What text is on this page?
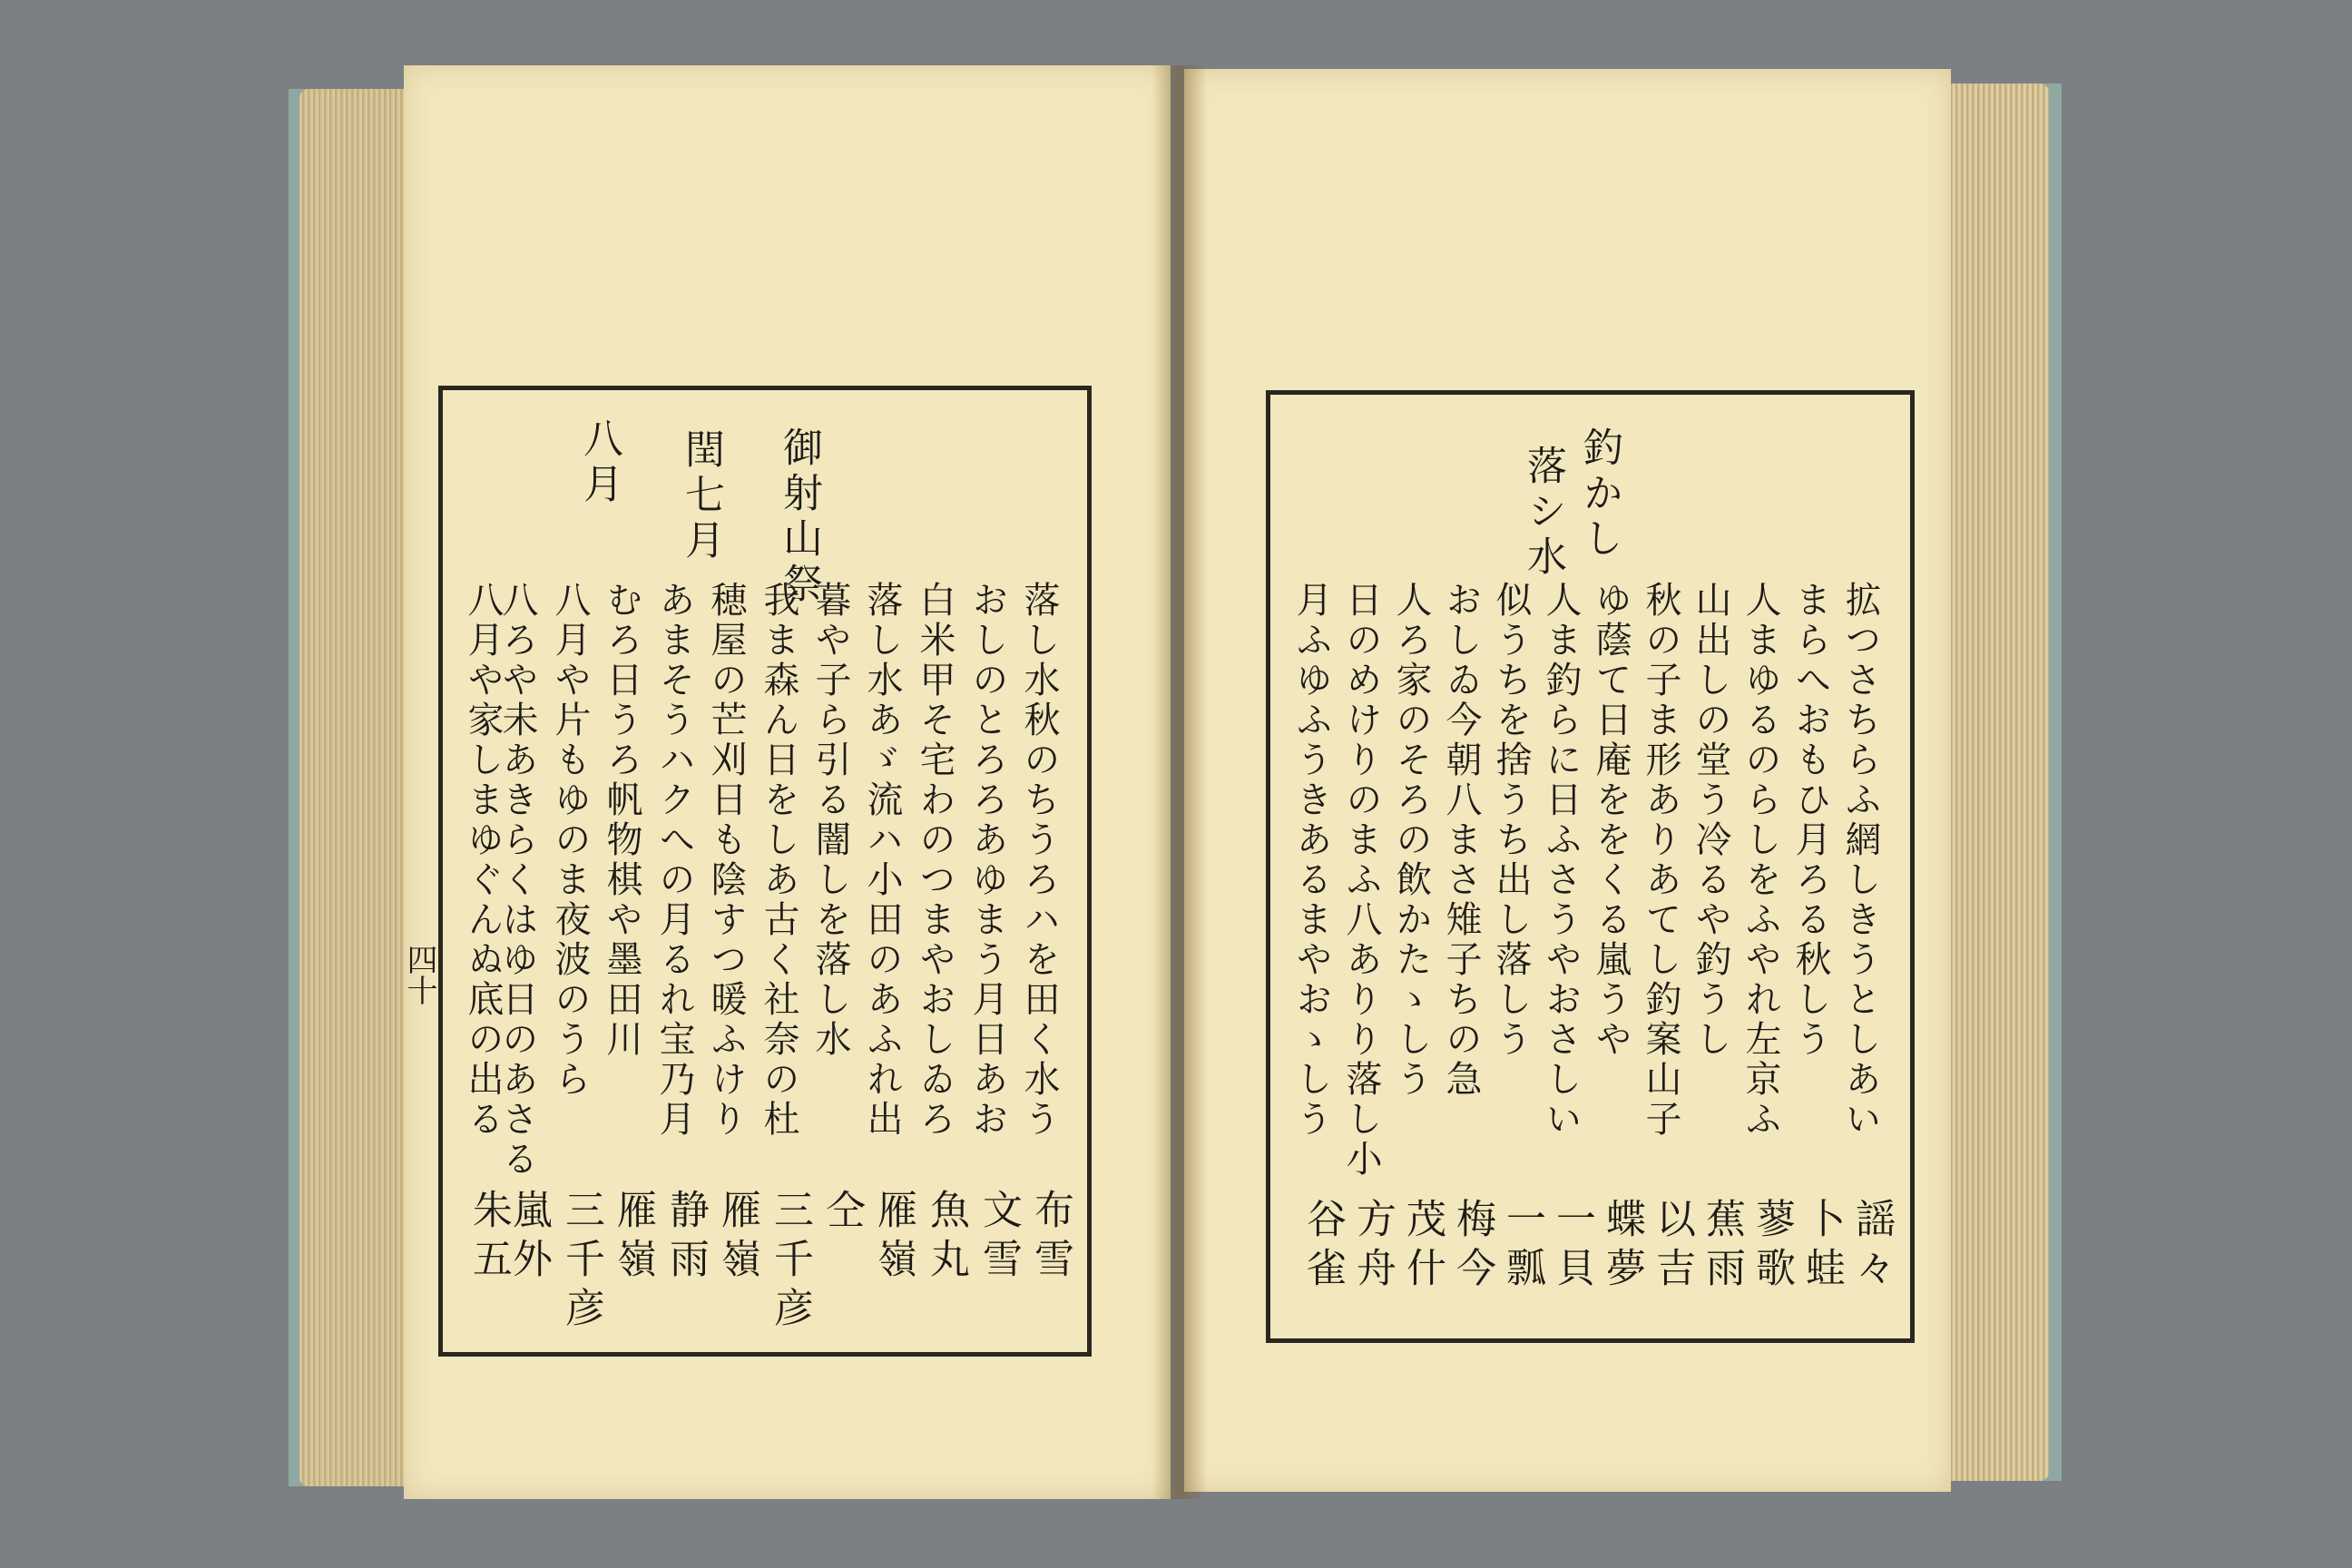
四十
御射山祭
閏七月
八月
落し水秋のちうろハを田く水う
おしのとろろあゆまう月日あお
白米甲そ宅わのつまやおしゐろ
落し水あゞ流ハ小田のあふれ出
暮や子ら引る闇しを落し水
我ま森ん日をしあ古く社奈の杜
穂屋の芒刈日も陰すつ暖ふけり
あまそうハクへの月るれ宝乃月
むろ日うろ帆物棋や墨田川
八月や片もゆのま夜波のうら
八ろや未あきらくはゆ日のあさる
八月や家しまゆぐんぬ底の出る
布雪
文雪
魚丸
雁嶺
仝
三千彦
雁嶺
静雨
雁嶺
三千彦
嵐外
朱五
釣かし
落シ水
拡つさちらふ網しきうとしあい
まらへおもひ月ろる秋しう
人まゆるのらしをふやれ左京ふ
山出しの堂う冷るや釣うし
秋の子ま形ありあてし釣案山子
ゆ蔭て日庵ををくる嵐うや
人ま釣らに日ふさうやおさしい
似うちを捨うち出し落しう
おしゐ今朝八まさ雉子ちの急
人ろ家のそろの飲かたゝしう
日のめけりのまふ八ありり落し小
月ふゆふうきあるまやおゝしう
謡々
卜蛙
蓼歌
蕉雨
以吉
蝶夢
一貝
一瓢
梅今
茂什
方舟
谷雀
